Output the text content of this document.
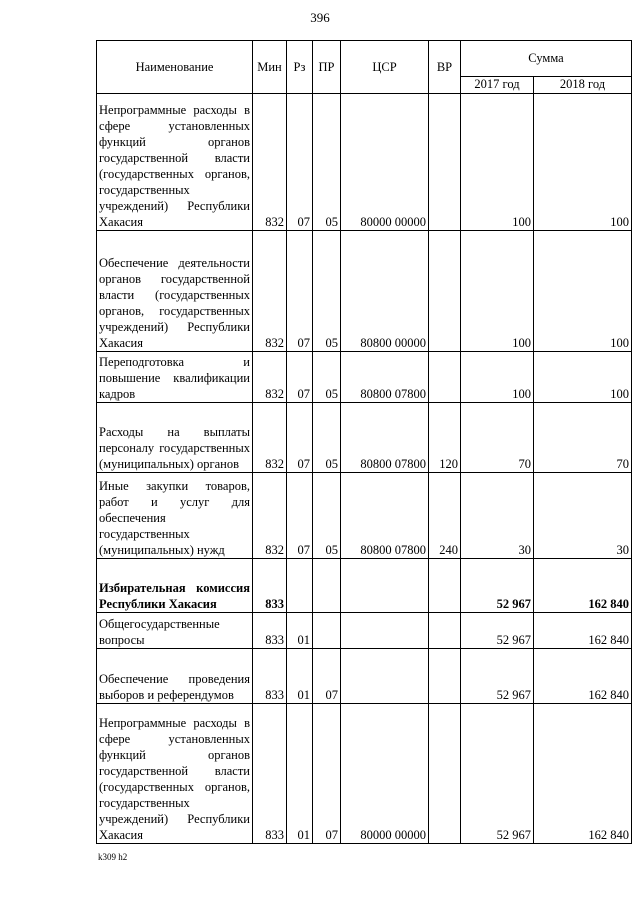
396
Наименование	Мин	Рз	ПР	ЦСР	ВР	Сумма	
						2017 год	2018 год
Непрограммные расходы в сфере установленных функций органов государственной власти (государственных органов, государственных учреждений) Республики Хакасия	832	07	05	80000 00000		100	100
Обеспечение деятельности органов государственной власти (государственных органов, государственных учреждений) Республики Хакасия	832	07	05	80800 00000		100	100
Переподготовка и повышение квалификации кадров	832	07	05	80800 07800		100	100
Расходы на выплаты персоналу государственных (муниципальных) органов	832	07	05	80800 07800	120	70	70
Иные закупки товаров, работ и услуг для обеспечения государственных (муниципальных) нужд	832	07	05	80800 07800	240	30	30
Избирательная комиссия Республики Хакасия	833					52 967	162 840
Общегосударственные вопросы	833	01				52 967	162 840
Обеспечение проведения выборов и референдумов	833	01	07			52 967	162 840
Непрограммные расходы в сфере установленных функций органов государственной власти (государственных органов, государственных учреждений) Республики Хакасия	833	01	07	80000 00000		52 967	162 840
k309 h2
